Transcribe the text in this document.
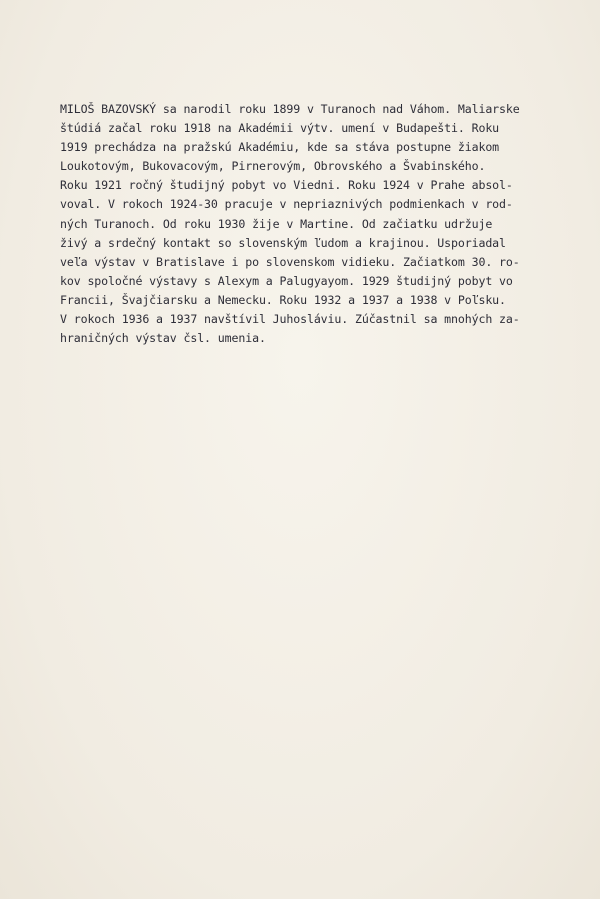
MILOŠ BAZOVSKÝ sa narodil roku 1899 v Turanoch nad Váhom. Maliarske
štúdiá začal roku 1918 na Akadémii výtv. umení v Budapešti. Roku
1919 prechádza na pražskú Akadémiu, kde sa stáva postupne žiakom
Loukotovým, Bukovacovým, Pirnerovým, Obrovského a Švabinského.
Roku 1921 ročný študijný pobyt vo Viedni. Roku 1924 v Prahe absol-
voval. V rokoch 1924-30 pracuje v nepriaznivých podmienkach v rod-
ných Turanoch. Od roku 1930 žije v Martine. Od začiatku udržuje
živý a srdečný kontakt so slovenským ľudom a krajinou. Usporiadal
veľa výstav v Bratislave i po slovenskom vidieku. Začiatkom 30. ro-
kov spoločné výstavy s Alexym a Palugyayom. 1929 študijný pobyt vo
Francii, Švajčiarsku a Nemecku. Roku 1932 a 1937 a 1938 v Poľsku.
V rokoch 1936 a 1937 navštívil Juhosláviu. Zúčastnil sa mnohých za-
hraničných výstav čsl. umenia.
